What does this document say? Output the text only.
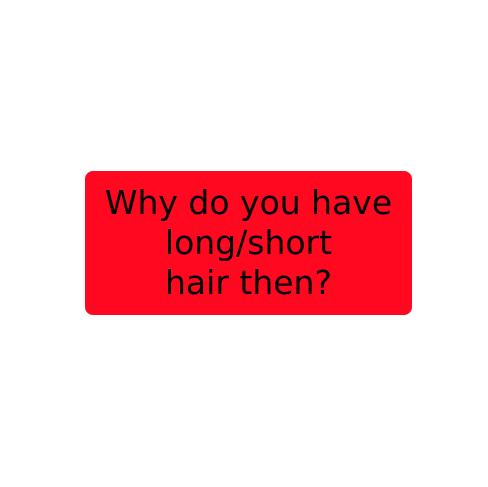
Why do you have
long/short
hair then?
